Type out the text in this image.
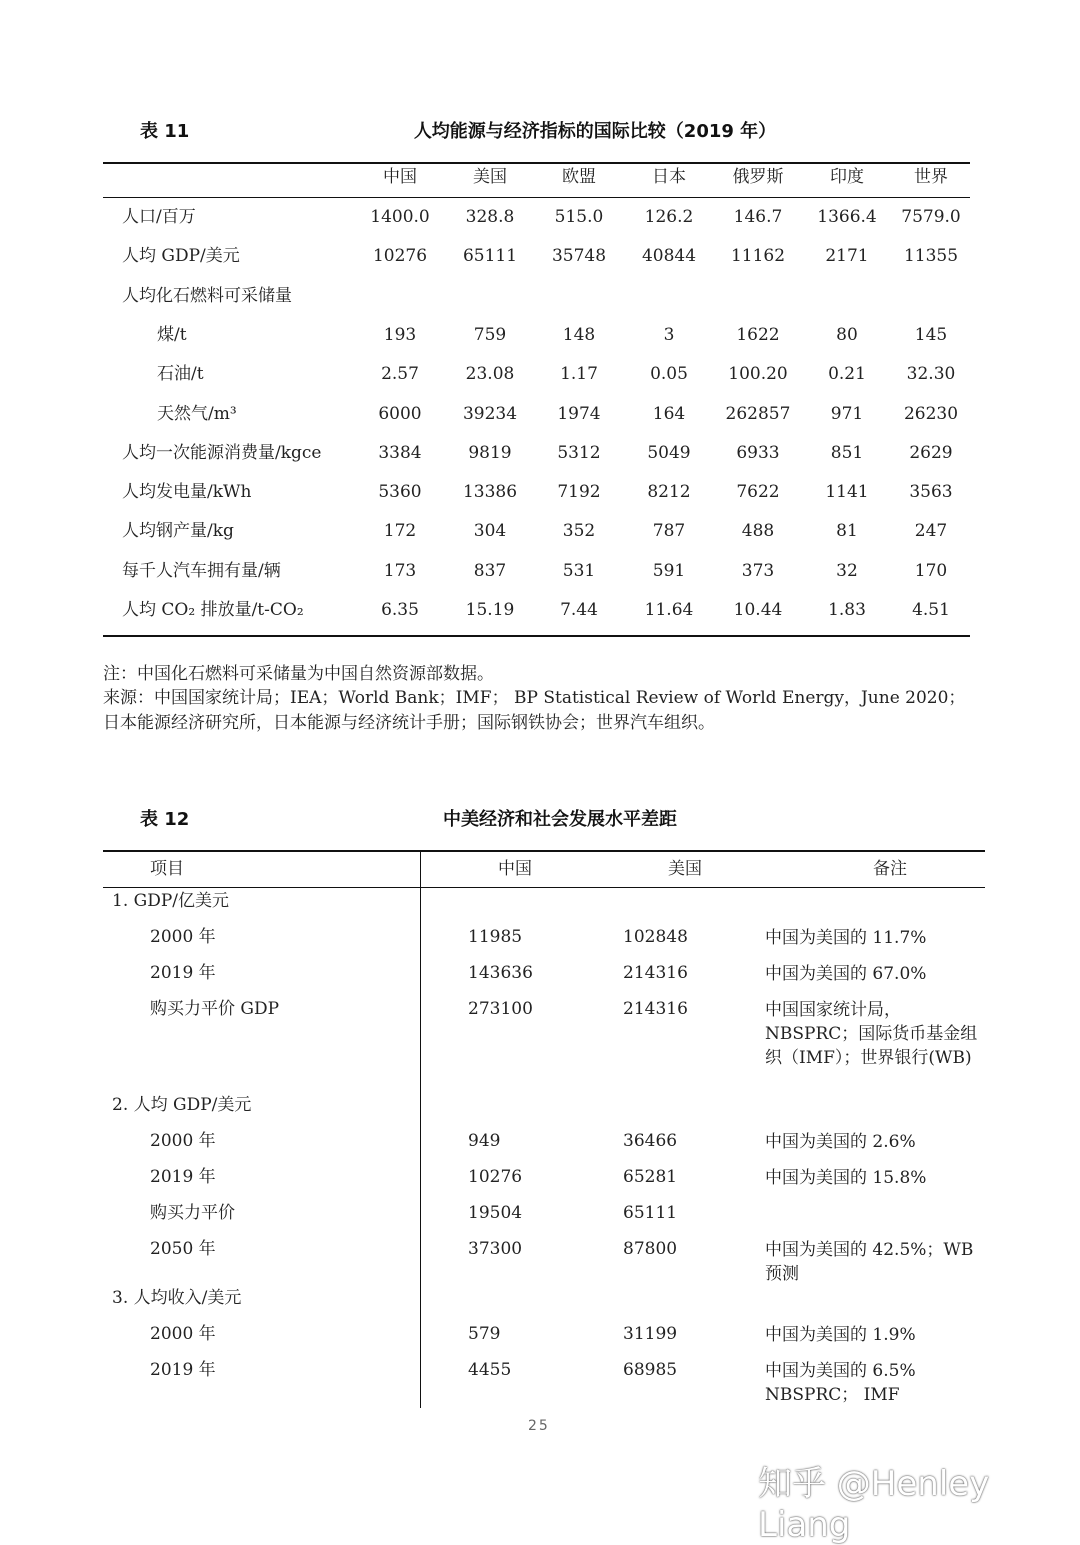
表 11	人均能源与经济指标的国际比较（2019 年）
中国	美国	欧盟	日本	俄罗斯	印度	世界
人口/百万	1400.0	328.8	515.0	126.2	146.7	1366.4	7579.0
人均 GDP/美元	10276	65111	35748	40844	11162	2171	11355
人均化石燃料可采储量
煤/t	193	759	148	3	1622	80	145
石油/t	2.57	23.08	1.17	0.05	100.20	0.21	32.30
天然气/m³	6000	39234	1974	164	262857	971	26230
人均一次能源消费量/kgce	3384	9819	5312	5049	6933	851	2629
人均发电量/kWh	5360	13386	7192	8212	7622	1141	3563
人均钢产量/kg	172	304	352	787	488	81	247
每千人汽车拥有量/辆	173	837	531	591	373	32	170
人均 CO₂ 排放量/t-CO₂	6.35	15.19	7.44	11.64	10.44	1.83	4.51
注：中国化石燃料可采储量为中国自然资源部数据。
来源：中国国家统计局；IEA；World Bank；IMF； BP Statistical Review of World Energy，June 2020； 日本能源经济研究所，日本能源与经济统计手册；国际钢铁协会；世界汽车组织。
表 12	中美经济和社会发展水平差距
项目	中国	美国	备注
1. GDP/亿美元
2000 年	11985	102848	中国为美国的 11.7%
2019 年	143636	214316	中国为美国的 67.0%
购买力平价 GDP	273100	214316	中国国家统计局，NBSPRC；国际货币基金组织（IMF）；世界银行(WB)
2. 人均 GDP/美元
2000 年	949	36466	中国为美国的 2.6%
2019 年	10276	65281	中国为美国的 15.8%
购买力平价	19504	65111
2050 年	37300	87800	中国为美国的 42.5%；WB 预测
3. 人均收入/美元
2000 年	579	31199	中国为美国的 1.9%
2019 年	4455	68985	中国为美国的 6.5% NBSPRC； IMF
25
知乎 @Henley Liang
